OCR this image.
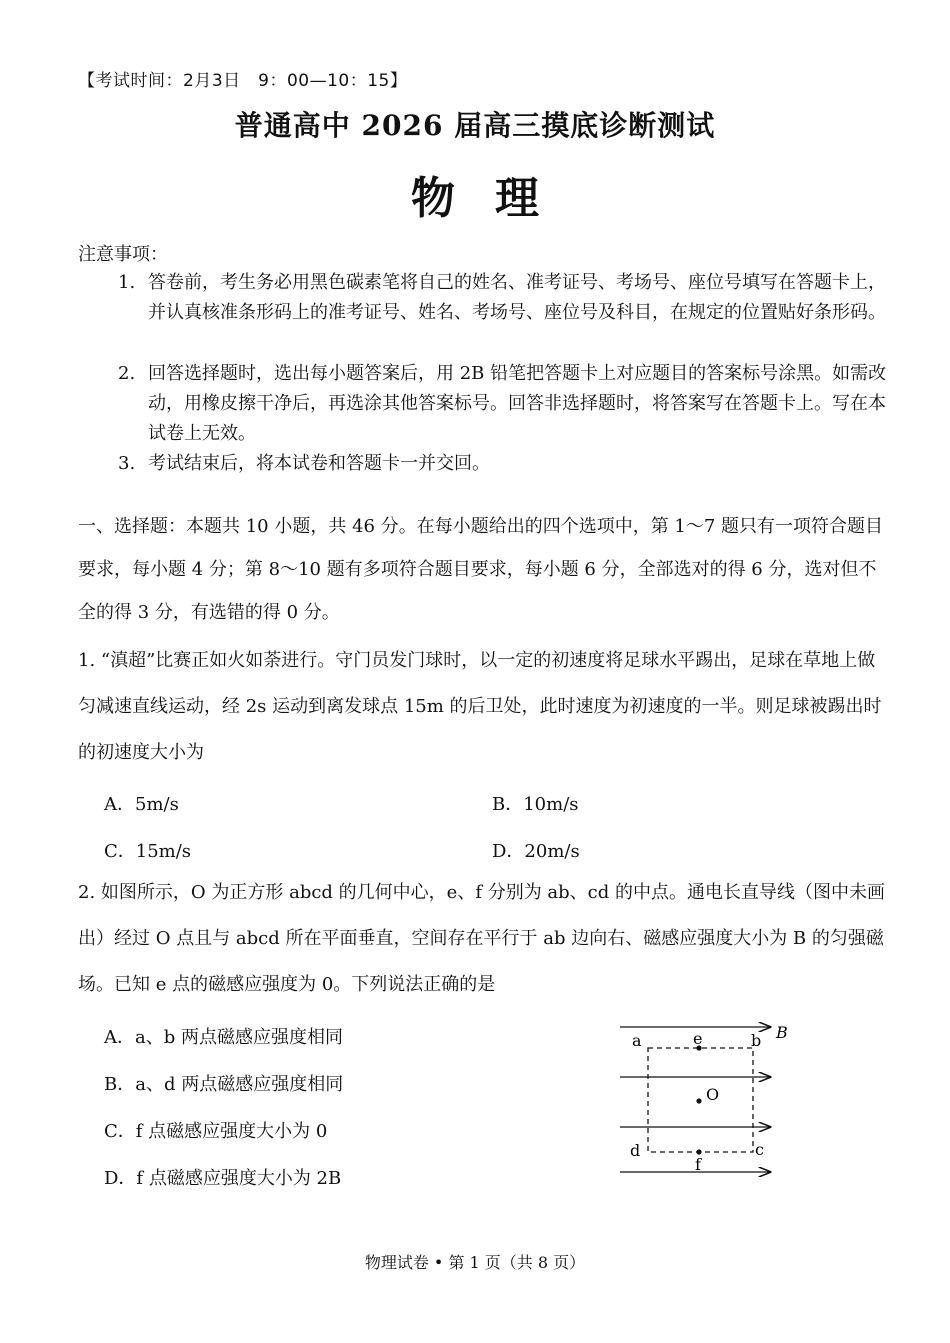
【考试时间：2月3日　9：00—10：15】
普通高中 2026 届高三摸底诊断测试
物理
注意事项：
1. 答卷前，考生务必用黑色碳素笔将自己的姓名、准考证号、考场号、座位号填写在答题卡上，并认真核准条形码上的准考证号、姓名、考场号、座位号及科目，在规定的位置贴好条形码。
2. 回答选择题时，选出每小题答案后，用 2B 铅笔把答题卡上对应题目的答案标号涂黑。如需改动，用橡皮擦干净后，再选涂其他答案标号。回答非选择题时，将答案写在答题卡上。写在本试卷上无效。
3. 考试结束后，将本试卷和答题卡一并交回。
一、选择题：本题共 10 小题，共 46 分。在每小题给出的四个选项中，第 1～7 题只有一项符合题目要求，每小题 4 分；第 8～10 题有多项符合题目要求，每小题 6 分，全部选对的得 6 分，选对但不全的得 3 分，有选错的得 0 分。
1. “滇超”比赛正如火如荼进行。守门员发门球时，以一定的初速度将足球水平踢出，足球在草地上做匀减速直线运动，经 2s 运动到离发球点 15m 的后卫处，此时速度为初速度的一半。则足球被踢出时的初速度大小为
A．5m/s	B．10m/s
C．15m/s	D．20m/s
2. 如图所示，O 为正方形 abcd 的几何中心，e、f 分别为 ab、cd 的中点。通电长直导线（图中未画出）经过 O 点且与 abcd 所在平面垂直，空间存在平行于 ab 边向右、磁感应强度大小为 B 的匀强磁场。已知 e 点的磁感应强度为 0。下列说法正确的是
A．a、b 两点磁感应强度相同
B．a、d 两点磁感应强度相同
C．f 点磁感应强度大小为 0
D．f 点磁感应强度大小为 2B
a	e	b B
O
d	c
f
物理试卷 • 第 1 页（共 8 页）
